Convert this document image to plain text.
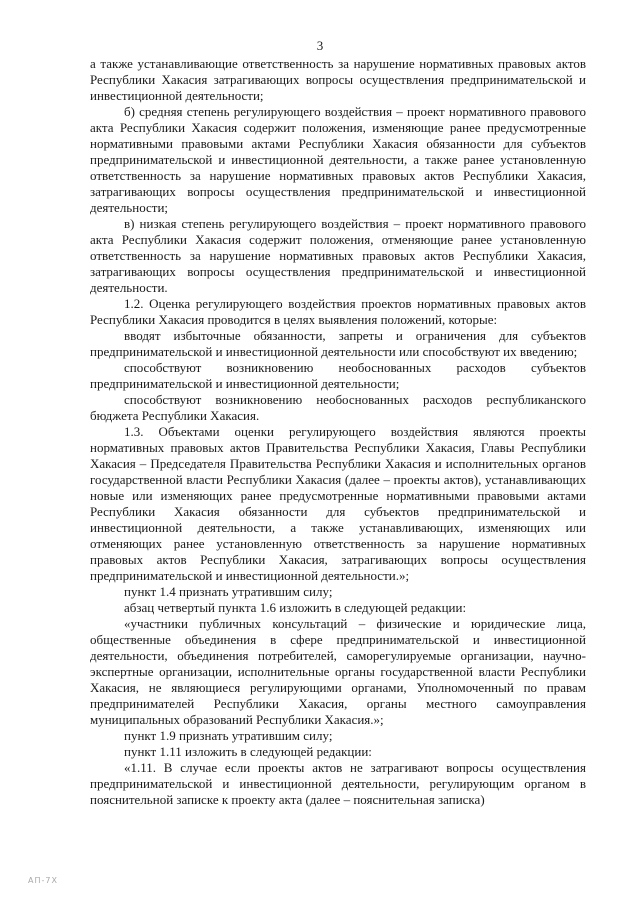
3

а также устанавливающие ответственность за нарушение нормативных правовых актов Республики Хакасия затрагивающих вопросы осуществления предпринимательской и инвестиционной деятельности;

б) средняя степень регулирующего воздействия – проект нормативного правового акта Республики Хакасия содержит положения, изменяющие ранее предусмотренные нормативными правовыми актами Республики Хакасия обязанности для субъектов предпринимательской и инвестиционной деятельности, а также ранее установленную ответственность за нарушение нормативных правовых актов Республики Хакасия, затрагивающих вопросы осуществления предпринимательской и инвестиционной деятельности;

в) низкая степень регулирующего воздействия – проект нормативного правового акта Республики Хакасия содержит положения, отменяющие ранее установленную ответственность за нарушение нормативных правовых актов Республики Хакасия, затрагивающих вопросы осуществления предпринимательской и инвестиционной деятельности.

1.2. Оценка регулирующего воздействия проектов нормативных правовых актов Республики Хакасия проводится в целях выявления положений, которые:

вводят избыточные обязанности, запреты и ограничения для субъектов предпринимательской и инвестиционной деятельности или способствуют их введению;

способствуют возникновению необоснованных расходов субъектов предпринимательской и инвестиционной деятельности;

способствуют возникновению необоснованных расходов республиканского бюджета Республики Хакасия.

1.3. Объектами оценки регулирующего воздействия являются проекты нормативных правовых актов Правительства Республики Хакасия, Главы Республики Хакасия – Председателя Правительства Республики Хакасия и исполнительных органов государственной власти Республики Хакасия (далее – проекты актов), устанавливающих новые или изменяющих ранее предусмотренные нормативными правовыми актами Республики Хакасия обязанности для субъектов предпринимательской и инвестиционной деятельности, а также устанавливающих, изменяющих или отменяющих ранее установленную ответственность за нарушение нормативных правовых актов Республики Хакасия, затрагивающих вопросы осуществления предпринимательской и инвестиционной деятельности.»;

пункт 1.4 признать утратившим силу;

абзац четвертый пункта 1.6 изложить в следующей редакции:

«участники публичных консультаций – физические и юридические лица, общественные объединения в сфере предпринимательской и инвестиционной деятельности, объединения потребителей, саморегулируемые организации, научно-экспертные организации, исполнительные органы государственной власти Республики Хакасия, не являющиеся регулирующими органами, Уполномоченный по правам предпринимателей Республики Хакасия, органы местного самоуправления муниципальных образований Республики Хакасия.»;

пункт 1.9 признать утратившим силу;

пункт 1.11 изложить в следующей редакции:

«1.11. В случае если проекты актов не затрагивают вопросы осуществления предпринимательской и инвестиционной деятельности, регулирующим органом в пояснительной записке к проекту акта (далее – пояснительная записка)

АП-7Х
